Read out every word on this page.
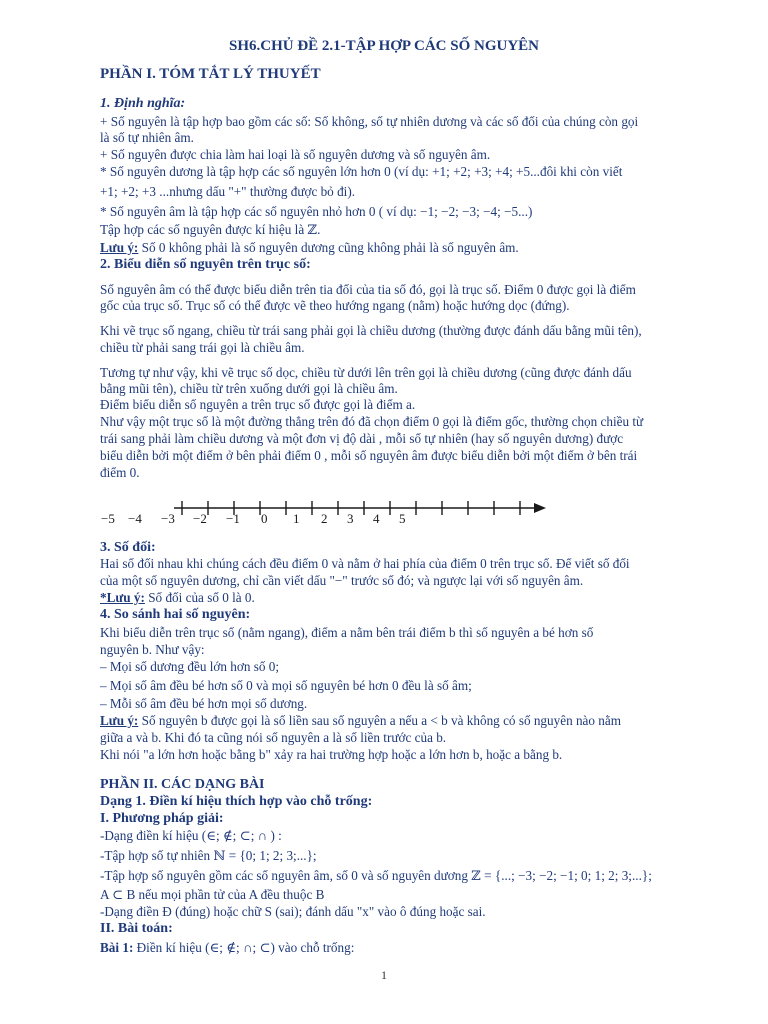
SH6.CHỦ ĐỀ 2.1-TẬP HỢP CÁC SỐ NGUYÊN
PHẦN I. TÓM TẮT LÝ THUYẾT
1. Định nghĩa:
+ Số nguyên là tập hợp bao gồm các số: Số không, số tự nhiên dương và các số đối của chúng còn gọi
là số tự nhiên âm.
+ Số nguyên được chia làm hai loại là số nguyên dương và số nguyên âm.
* Số nguyên dương là tập hợp các số nguyên lớn hơn 0 (ví dụ: +1; +2; +3; +4; +5...đôi khi còn viết
+1; +2; +3 ...nhưng dấu "+" thường được bỏ đi).
* Số nguyên âm là tập hợp các số nguyên nhỏ hơn 0 ( ví dụ: −1; −2; −3; −4; −5...)
Tập hợp các số nguyên được kí hiệu là ℤ.
Lưu ý: Số 0 không phải là số nguyên dương cũng không phải là số nguyên âm.
2. Biểu diễn số nguyên trên trục số:
Số nguyên âm có thể được biểu diễn trên tia đối của tia số đó, gọi là trục số. Điểm 0 được gọi là điểm
gốc của trục số. Trục số có thể được vẽ theo hướng ngang (nằm) hoặc hướng dọc (đứng).
Khi vẽ trục số ngang, chiều từ trái sang phải gọi là chiều dương (thường được đánh dấu bằng mũi tên),
chiều từ phải sang trái gọi là chiều âm.
Tương tự như vậy, khi vẽ trục số dọc, chiều từ dưới lên trên gọi là chiều dương (cũng được đánh dấu
bằng mũi tên), chiều từ trên xuống dưới gọi là chiều âm.
Điểm biểu diễn số nguyên a trên trục số được gọi là điểm a.
Như vậy một trục số là một đường thẳng trên đó đã chọn điểm 0 gọi là điểm gốc, thường chọn chiều từ
trái sang phải làm chiều dương và một đơn vị độ dài , mỗi số tự nhiên (hay số nguyên dương) được
biểu diễn bởi một điểm ở bên phải điểm 0 , mỗi số nguyên âm được biểu diễn bởi một điểm ở bên trái
điểm 0.
−5 −4 −3 −2 −1 0 1 2 3 4 5
3. Số đối:
Hai số đối nhau khi chúng cách đều điểm 0 và nằm ở hai phía của điểm 0 trên trục số. Để viết số đối
của một số nguyên dương, chỉ cần viết dấu "−" trước số đó; và ngược lại với số nguyên âm.
*Lưu ý: Số đối của số 0 là 0.
4. So sánh hai số nguyên:
Khi biểu diễn trên trục số (nằm ngang), điểm a nằm bên trái điểm b thì số nguyên a bé hơn số
nguyên b. Như vậy:
– Mọi số dương đều lớn hơn số 0;
– Mọi số âm đều bé hơn số 0 và mọi số nguyên bé hơn 0 đều là số âm;
– Mỗi số âm đều bé hơn mọi số dương.
Lưu ý: Số nguyên b được gọi là số liền sau số nguyên a nếu a < b và không có số nguyên nào nằm
giữa a và b. Khi đó ta cũng nói số nguyên a là số liền trước của b.
Khi nói "a lớn hơn hoặc bằng b" xảy ra hai trường hợp hoặc a lớn hơn b, hoặc a bằng b.
PHẦN II. CÁC DẠNG BÀI
Dạng 1. Điền kí hiệu thích hợp vào chỗ trống:
I. Phương pháp giải:
-Dạng điền kí hiệu (∈; ∉; ⊂; ∩ ) :
-Tập hợp số tự nhiên ℕ = {0; 1; 2; 3;...};
-Tập hợp số nguyên gồm các số nguyên âm, số 0 và số nguyên dương ℤ = {...; −3; −2; −1; 0; 1; 2; 3;...};
A ⊂ B nếu mọi phần tử của A đều thuộc B
-Dạng điền Đ (đúng) hoặc chữ S (sai); đánh dấu "x" vào ô đúng hoặc sai.
II. Bài toán:
Bài 1: Điền kí hiệu (∈; ∉; ∩; ⊂) vào chỗ trống:
1
